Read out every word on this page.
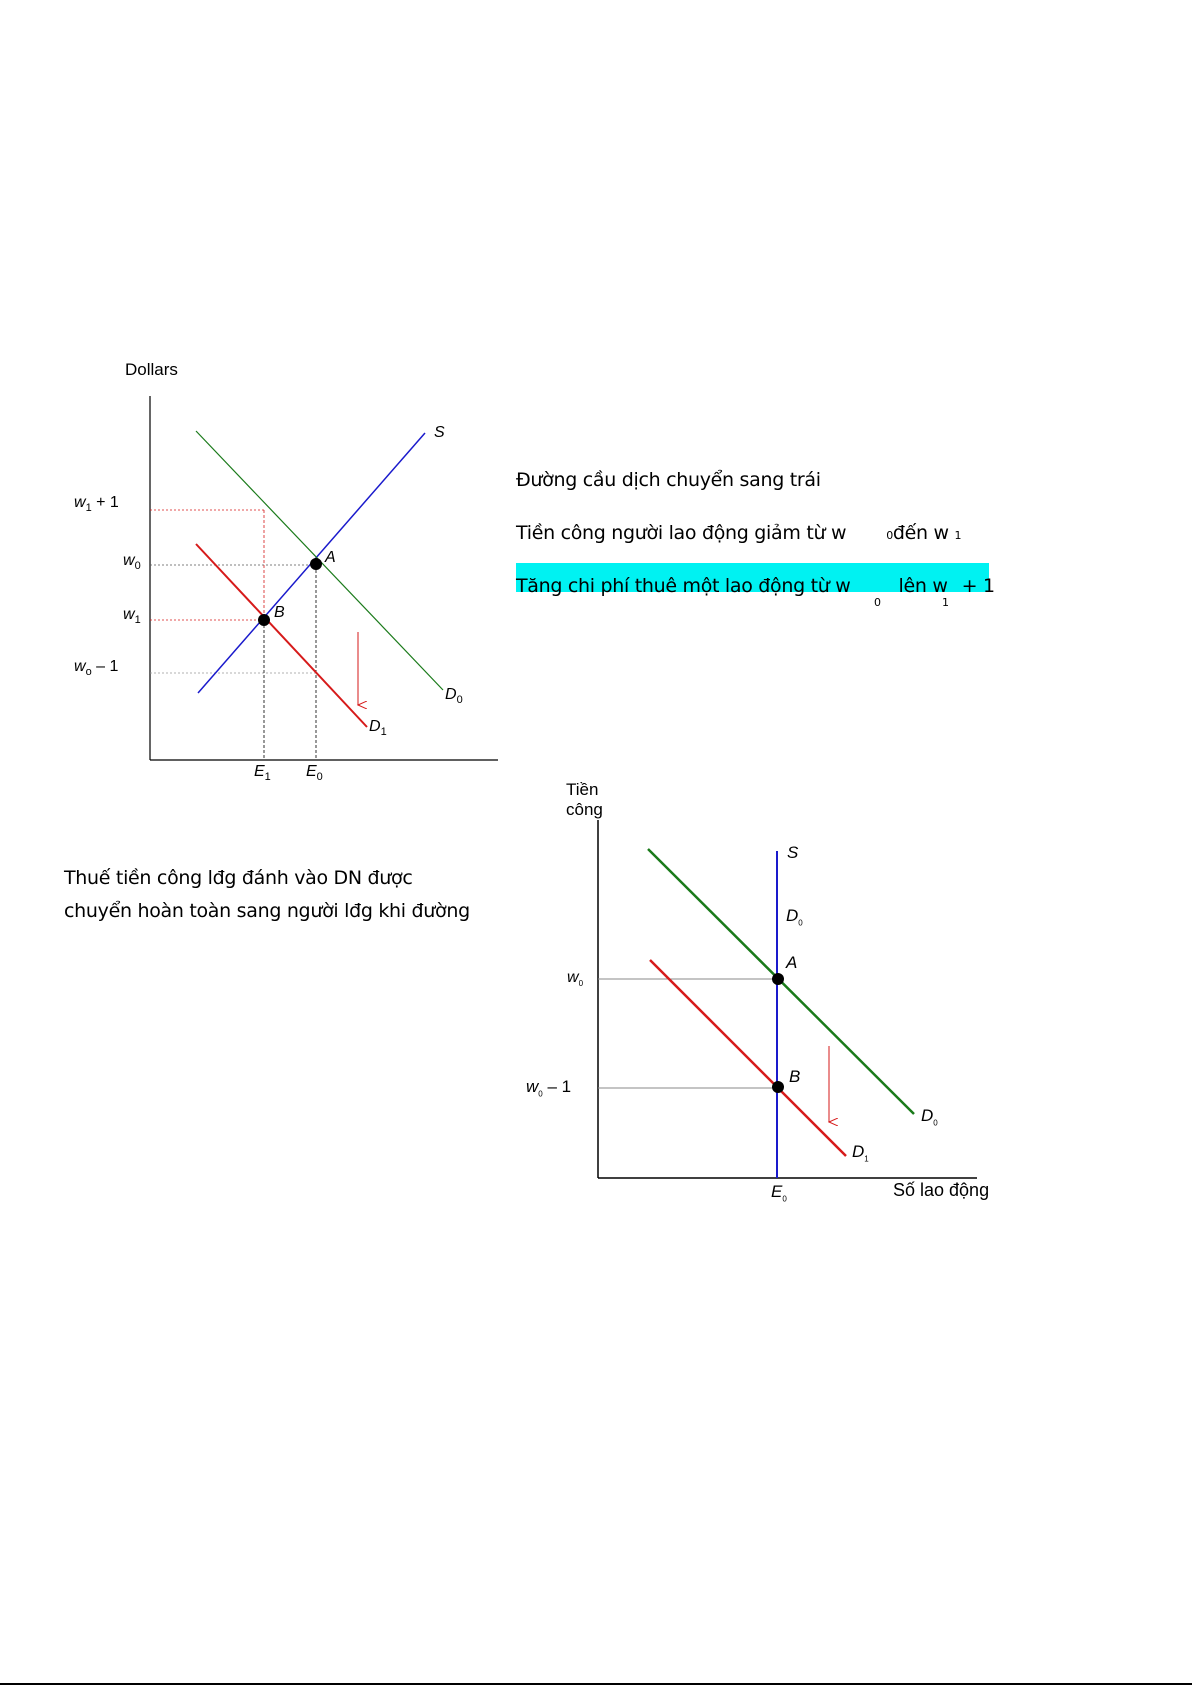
Dollars
$w_1 + 1$
$w_0$
$w_1$
$w_o - 1$
$E_1$ $E_0$
S
$D_0$
$D_1$
A
B
Đường cầu dịch chuyển sang trái
Tiền công người lao động giảm từ w	0đến w 1
Tăng chi phí thuê một lao động từ w	lên w + 1
0	1
Thuế tiền công lđg đánh vào DN được
chuyển hoàn toàn sang người lđg khi đường
Tiền
công
Số lao động
$w_0$
$w_0 - 1$
$E_0$
S
$D_0$
$D_0$
$D_1$
A
B
